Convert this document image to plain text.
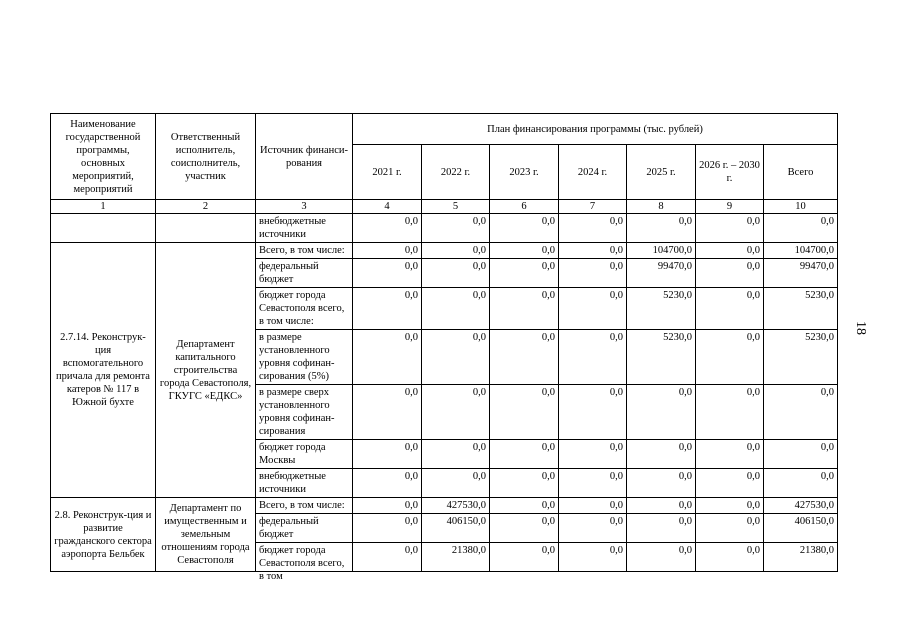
18
Наименование государственной программы, основных мероприятий, мероприятий	Ответственный исполнитель, соисполнитель, участник	Источник финанси-рования	План финансирования программы (тыс. рублей)						
			2021 г.	2022 г.	2023 г.	2024 г.	2025 г.	2026 г. – 2030 г.	Всего
1	2	3	4	5	6	7	8	9	10
		внебюджетные источники	0,0	0,0	0,0	0,0	0,0	0,0	0,0
2.7.14. Реконструк-ция вспомогательного причала для ремонта катеров № 117 в Южной бухте	Департамент капитального строительства города Севастополя, ГКУГС «ЕДКС»	Всего, в том числе:	0,0	0,0	0,0	0,0	104700,0	0,0	104700,0
		федеральный бюджет	0,0	0,0	0,0	0,0	99470,0	0,0	99470,0
		бюджет города Севастополя всего, в том числе:	0,0	0,0	0,0	0,0	5230,0	0,0	5230,0
		в размере установленного уровня софинан-сирования (5%)	0,0	0,0	0,0	0,0	5230,0	0,0	5230,0
		в размере сверх установленного уровня софинан-сирования	0,0	0,0	0,0	0,0	0,0	0,0	0,0
		бюджет города Москвы	0,0	0,0	0,0	0,0	0,0	0,0	0,0
		внебюджетные источники	0,0	0,0	0,0	0,0	0,0	0,0	0,0
2.8. Реконструк-ция и развитие гражданского сектора аэропорта Бельбек	Департамент по имущественным и земельным отношениям города Севастополя	Всего, в том числе:	0,0	427530,0	0,0	0,0	0,0	0,0	427530,0
		федеральный бюджет	0,0	406150,0	0,0	0,0	0,0	0,0	406150,0

		бюджет города Севастополя всего, в том	0,0	21380,0	0,0	0,0	0,0	0,0	21380,0
